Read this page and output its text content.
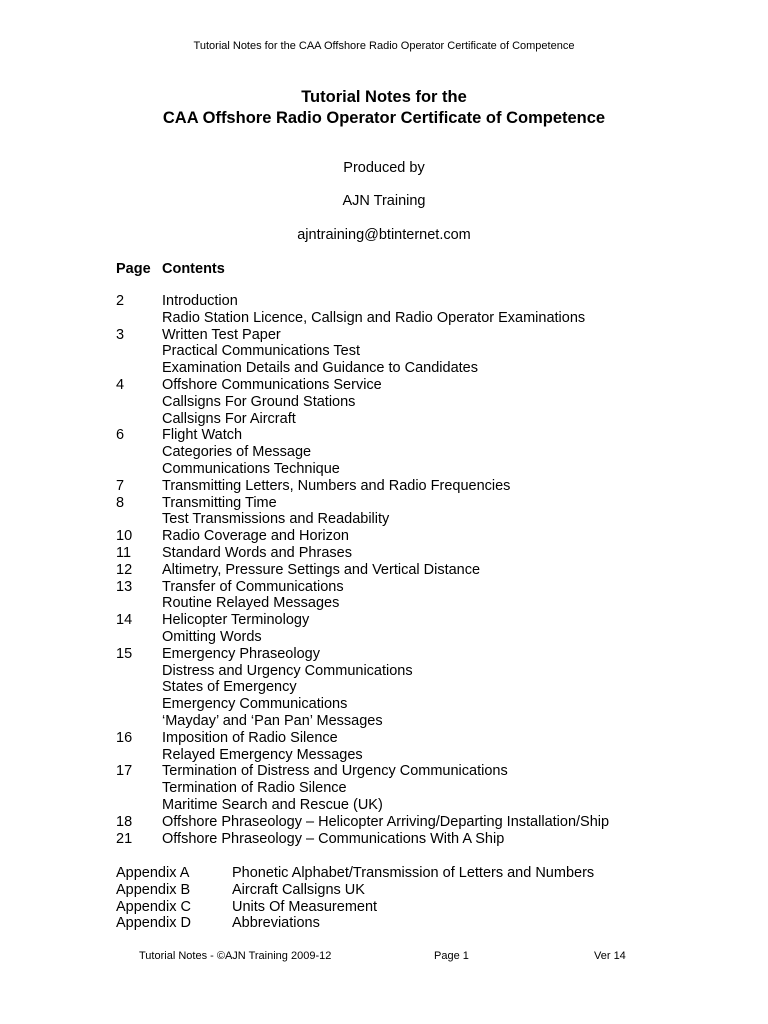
Tutorial Notes for the CAA Offshore Radio Operator Certificate of Competence
Tutorial Notes for the
CAA Offshore Radio Operator Certificate of Competence
Produced by
AJN Training
ajntraining@btinternet.com
Page Contents
2	Introduction
Radio Station Licence, Callsign and Radio Operator Examinations
3	Written Test Paper
Practical Communications Test
Examination Details and Guidance to Candidates
4	Offshore Communications Service
Callsigns For Ground Stations
Callsigns For Aircraft
6	Flight Watch
Categories of Message
Communications Technique
7	Transmitting Letters, Numbers and Radio Frequencies
8	Transmitting Time
Test Transmissions and Readability
10	Radio Coverage and Horizon
11	Standard Words and Phrases
12	Altimetry, Pressure Settings and Vertical Distance
13	Transfer of Communications
Routine Relayed Messages
14	Helicopter Terminology
Omitting Words
15	Emergency Phraseology
Distress and Urgency Communications
States of Emergency
Emergency Communications
‘Mayday’ and ‘Pan Pan’ Messages
16	Imposition of Radio Silence
Relayed Emergency Messages
17	Termination of Distress and Urgency Communications
Termination of Radio Silence
Maritime Search and Rescue (UK)
18	Offshore Phraseology – Helicopter Arriving/Departing Installation/Ship
21	Offshore Phraseology – Communications With A Ship
Appendix A	Phonetic Alphabet/Transmission of Letters and Numbers
Appendix B	Aircraft Callsigns UK
Appendix C	Units Of Measurement
Appendix D	Abbreviations
Tutorial Notes - ©AJN Training 2009-12	Page 1	Ver 14
